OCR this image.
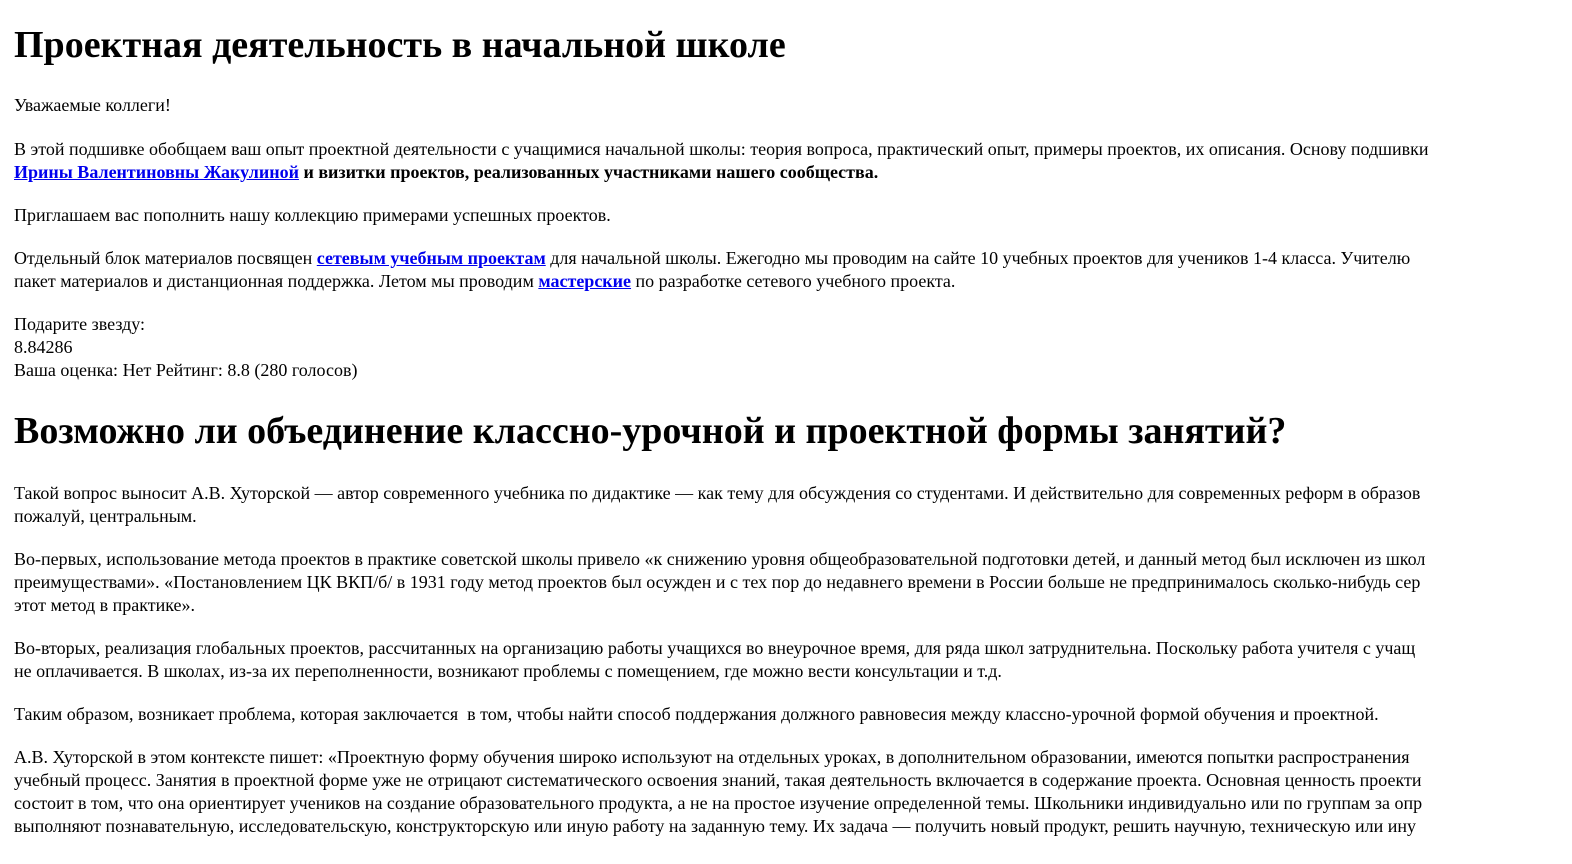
Проектная деятельность в начальной школе

Уважаемые коллеги!

В этой подшивке обобщаем ваш опыт проектной деятельности с учащимися начальной школы: теория вопроса, практический опыт, примеры проектов, их описания. Основу подшивки

Ирины Валентиновны Жакулиной и визитки проектов, реализованных участниками нашего сообщества.

Приглашаем вас пополнить нашу коллекцию примерами успешных проектов.

Отдельный блок материалов посвящен сетевым учебным проектам для начальной школы. Ежегодно мы проводим на сайте 10 учебных проектов для учеников 1-4 класса. Учителю

пакет материалов и дистанционная поддержка. Летом мы проводим мастерские по разработке сетевого учебного проекта.

Подарите звезду:

8.84286

Ваша оценка: Нет Рейтинг: 8.8 (280 голосов)

Возможно ли объединение классно-урочной и проектной формы занятий?

Такой вопрос выносит А.В. Хуторской — автор современного учебника по дидактике — как тему для обсуждения со студентами. И действительно для современных реформ в образов

пожалуй, центральным.

Во-первых, использование метода проектов в практике советской школы привело «к снижению уровня общеобразовательной подготовки детей, и данный метод был исключен из школ

преимуществами». «Постановлением ЦК ВКП/б/ в 1931 году метод проектов был осужден и с тех пор до недавнего времени в России больше не предпринималось сколько-нибудь сер

этот метод в практике».

Во-вторых, реализация глобальных проектов, рассчитанных на организацию работы учащихся во внеурочное время, для ряда школ затруднительна. Поскольку работа учителя с учащ

не оплачивается. В школах, из-за их переполненности, возникают проблемы с помещением, где можно вести консультации и т.д.

Таким образом, возникает проблема, которая заключается  в том, чтобы найти способ поддержания должного равновесия между классно-урочной формой обучения и проектной.

А.В. Хуторской в этом контексте пишет: «Проектную форму обучения широко используют на отдельных уроках, в дополнительном образовании, имеются попытки распространения

учебный процесс. Занятия в проектной форме уже не отрицают систематического освоения знаний, такая деятельность включается в содержание проекта. Основная ценность проекти

состоит в том, что она ориентирует учеников на создание образовательного продукта, а не на простое изучение определенной темы. Школьники индивидуально или по группам за опр

выполняют познавательную, исследовательскую, конструкторскую или иную работу на заданную тему. Их задача — получить новый продукт, решить научную, техническую или ину
